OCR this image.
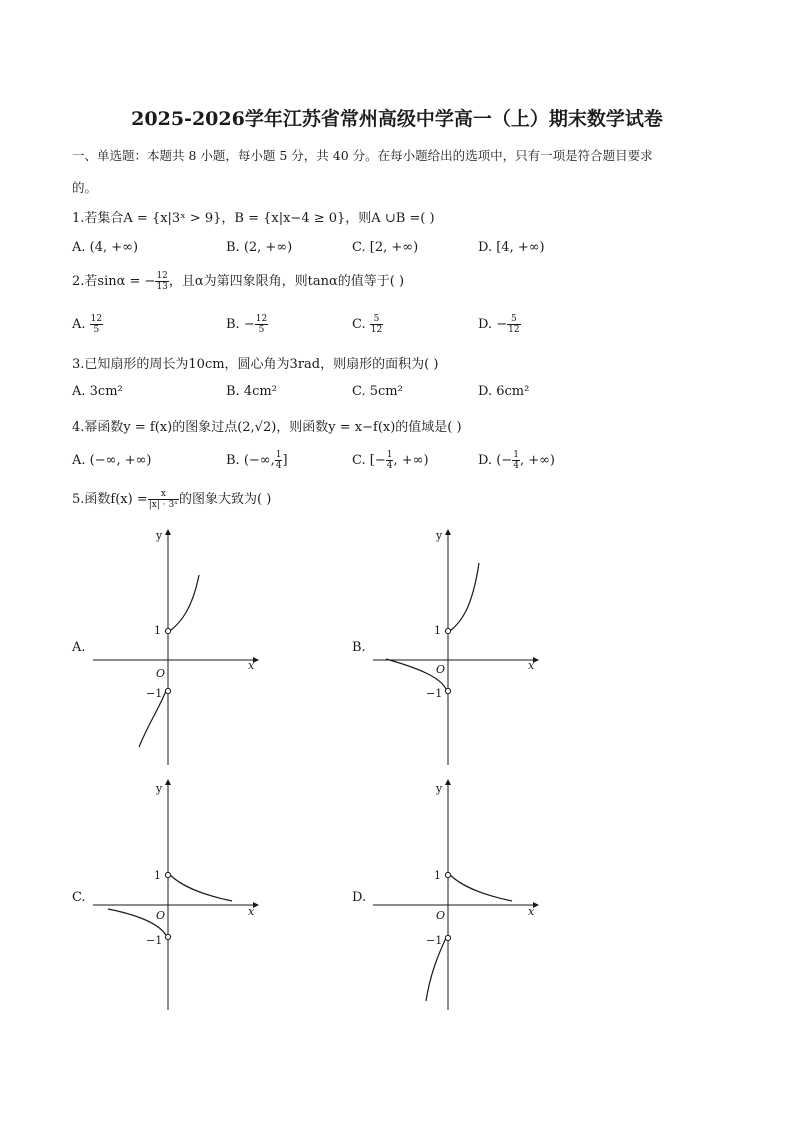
2025-2026学年江苏省常州高级中学高一（上）期末数学试卷
一、单选题：本题共 8 小题，每小题 5 分，共 40 分。在每小题给出的选项中，只有一项是符合题目要求
的。
1.若集合A = {x|3ˣ > 9}，B = {x|x−4 ≥ 0}，则A ∪B =( )
A. (4, +∞)	B. (2, +∞)	C. [2, +∞)	D. [4, +∞)
2.若sinα = − $\frac{12}{13}$ ，且α为第四象限角，则tanα的值等于( )
A. $\frac{12}{5}$	B. − $\frac{12}{5}$	C. $\frac{5}{12}$	D. − $\frac{5}{12}$
3.已知扇形的周长为10cm，圆心角为3rad，则扇形的面积为( )
A. 3cm²	B. 4cm²	C. 5cm²	D. 6cm²
4.幂函数y = f(x)的图象过点(2,√2)，则函数y = x−f(x)的值域是( )
A. (−∞, +∞)	B. (−∞, $\frac{1}{4}$ ]	C. [− $\frac{1}{4}$ , +∞)	D. (− $\frac{1}{4}$ , +∞)
5.函数$f(x) = \frac{x}{\text{|x| · 3ˣ}}$ 的图象大致为( )
A.	B.
C.	D.
y
x
O
1
−1
y
x
O
1
−1
y
x
O
1
−1
y
x
O
1
−1
